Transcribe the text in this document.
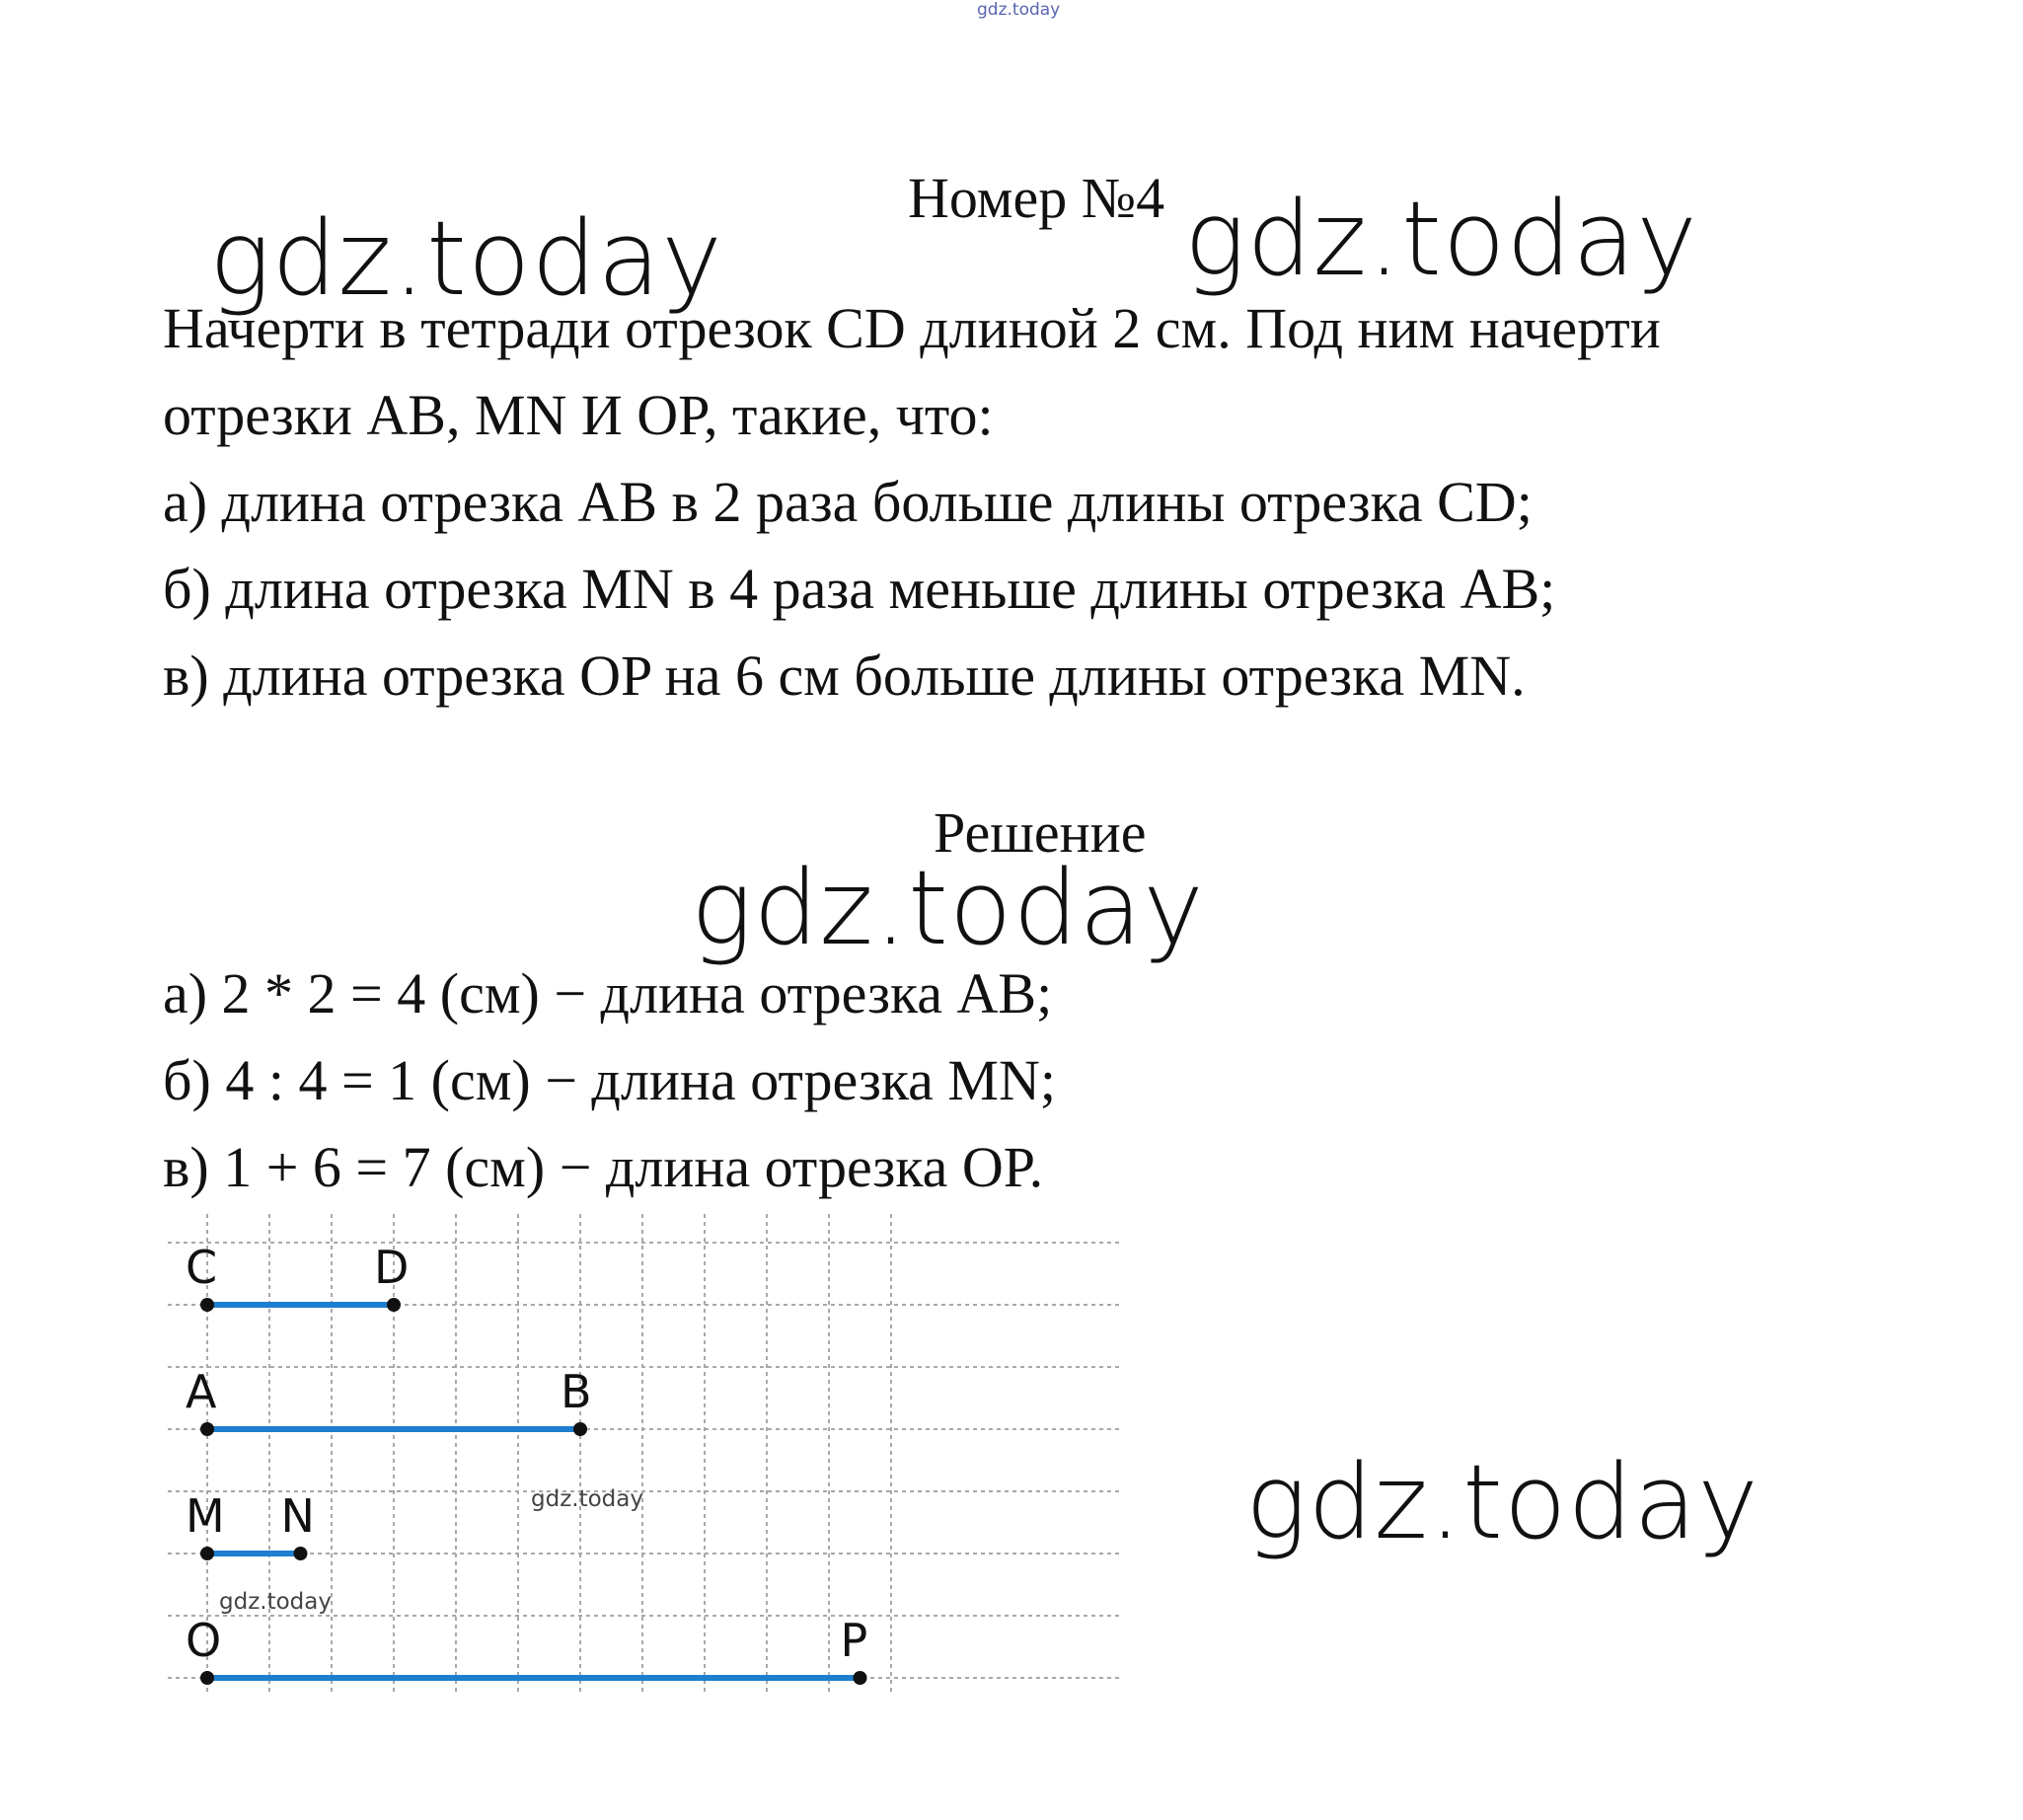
gdz.today
gdz.today	gdz.today
gdz.today
gdz.today
Номер №4
Начерти в тетради отрезок CD длиной 2 см. Под ним начерти
отрезки AB, MN И OP, такие, что:
а) длина отрезка AB в 2 раза больше длины отрезка CD;
б) длина отрезка MN в 4 раза меньше длины отрезка AB;
в) длина отрезка OP на 6 см больше длины отрезка MN.
Решение
а) 2 * 2 = 4 (см) − длина отрезка AB;
б) 4 : 4 = 1 (см) − длина отрезка MN;
в) 1 + 6 = 7 (см) − длина отрезка OP.
C	D
A	B
M N
O	P
gdz.today
gdz.today
